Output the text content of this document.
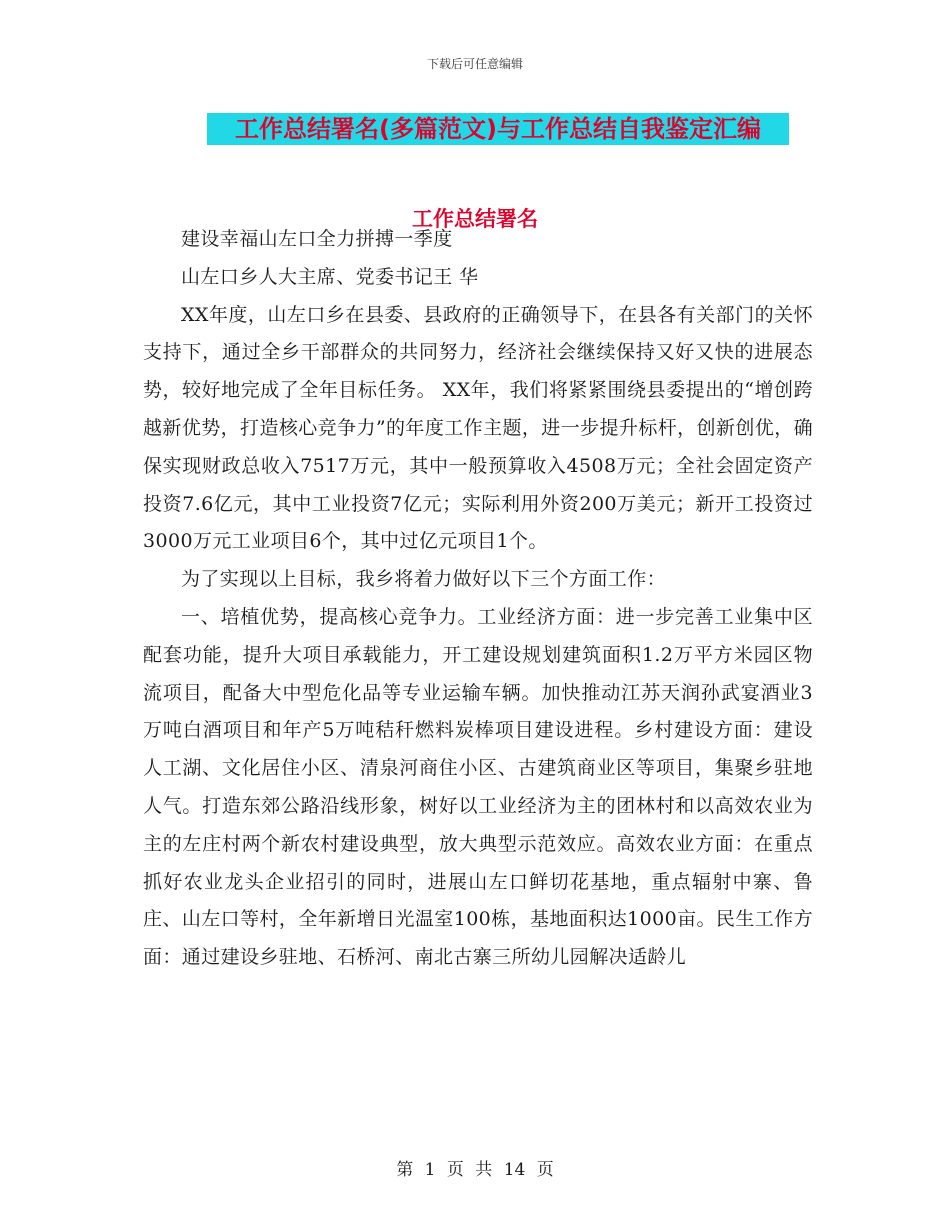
下载后可任意编辑
工作总结署名(多篇范文)与工作总结自我鉴定汇编
工作总结署名

建设幸福山左口全力拼搏一季度

山左口乡人大主席、党委书记王 华

XX年度，山左口乡在县委、县政府的正确领导下，在县各有关部门的关怀支持下，通过全乡干部群众的共同努力，经济社会继续保持又好又快的进展态势，较好地完成了全年目标任务。 XX年，我们将紧紧围绕县委提出的“增创跨越新优势，打造核心竞争力”的年度工作主题，进一步提升标杆，创新创优，确保实现财政总收入7517万元，其中一般预算收入4508万元；全社会固定资产投资7.6亿元，其中工业投资7亿元；实际利用外资200万美元；新开工投资过3000万元工业项目6个，其中过亿元项目1个。

为了实现以上目标，我乡将着力做好以下三个方面工作：

一、培植优势，提高核心竞争力。工业经济方面：进一步完善工业集中区配套功能，提升大项目承载能力，开工建设规划建筑面积1.2万平方米园区物流项目，配备大中型危化品等专业运输车辆。加快推动江苏天润孙武宴酒业3万吨白酒项目和年产5万吨秸秆燃料炭棒项目建设进程。乡村建设方面：建设人工湖、文化居住小区、清泉河商住小区、古建筑商业区等项目，集聚乡驻地人气。打造东郊公路沿线形象，树好以工业经济为主的团林村和以高效农业为主的左庄村两个新农村建设典型，放大典型示范效应。高效农业方面：在重点抓好农业龙头企业招引的同时，进展山左口鲜切花基地，重点辐射中寨、鲁庄、山左口等村，全年新增日光温室100栋，基地面积达1000亩。民生工作方面：通过建设乡驻地、石桥河、南北古寨三所幼儿园解决适龄儿

第 1 页 共 14 页
